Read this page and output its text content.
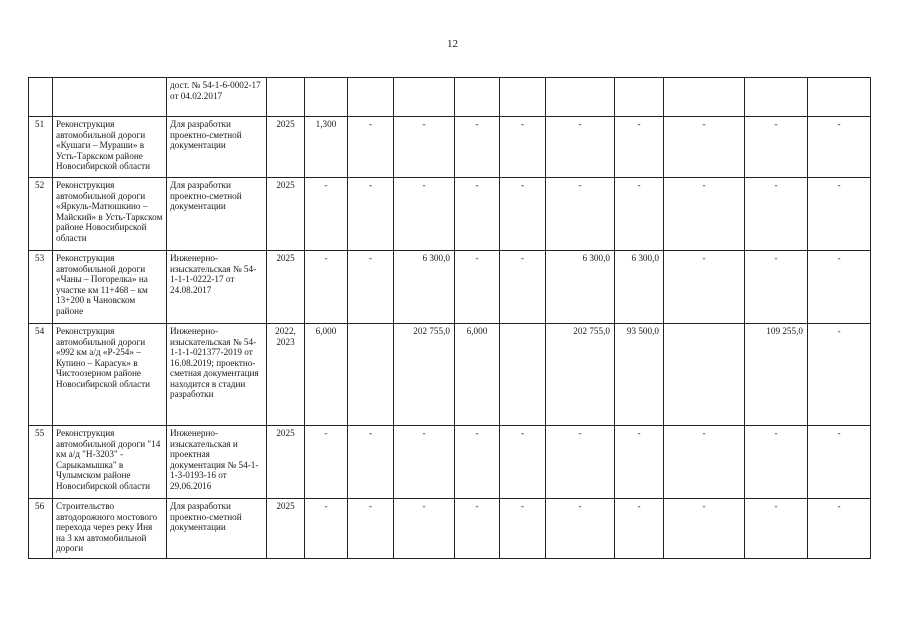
12
		дост. № 54-1-6-0002-17
от 04.02.2017											
51	Реконструкция автомобильной дороги «Кушаги – Мураши» в Усть-Таркском районе Новосибирской области	Для разработки проектно-сметной документации	2025	1,300	-	-	-	-	-	-	-	-	-
52	Реконструкция автомобильной дороги «Яркуль-Матюшкино – Майский» в Усть-Таркском районе Новосибирской области	Для разработки проектно-сметной документации	2025	-	-	-	-	-	-	-	-	-	-
53	Реконструкция автомобильной дороги «Чаны – Погорелка» на участке км 11+468 – км 13+200 в Чановском районе	Инженерно-изыскательская № 54-1-1-1-0222-17 от 24.08.2017	2025	-	-	6 300,0	-	-	6 300,0	6 300,0	-	-	-
54	Реконструкция автомобильной дороги «992 км а/д «Р-254» – Купино – Карасук» в Чистоозерном районе Новосибирской области	Инженерно-изыскательская № 54-1-1-1-021377-2019 от 16.08.2019; проектно-сметная документация находится в стадии разработки	2022, 2023	6,000		202 755,0	6,000		202 755,0	93 500,0		109 255,0	-
55	Реконструкция автомобильной дороги "14 км а/д "Н-3203" - Сарыкамышка" в Чулымском районе Новосибирской области	Инженерно-изыскательская и проектная документация № 54-1-1-3-0193-16 от 29.06.2016	2025	-	-	-	-	-	-	-	-	-	-
56	Строительство автодорожного мостового перехода через реку Иня на 3 км автомобильной дороги	Для разработки проектно-сметной документации	2025	-	-	-	-	-	-	-	-	-	-
